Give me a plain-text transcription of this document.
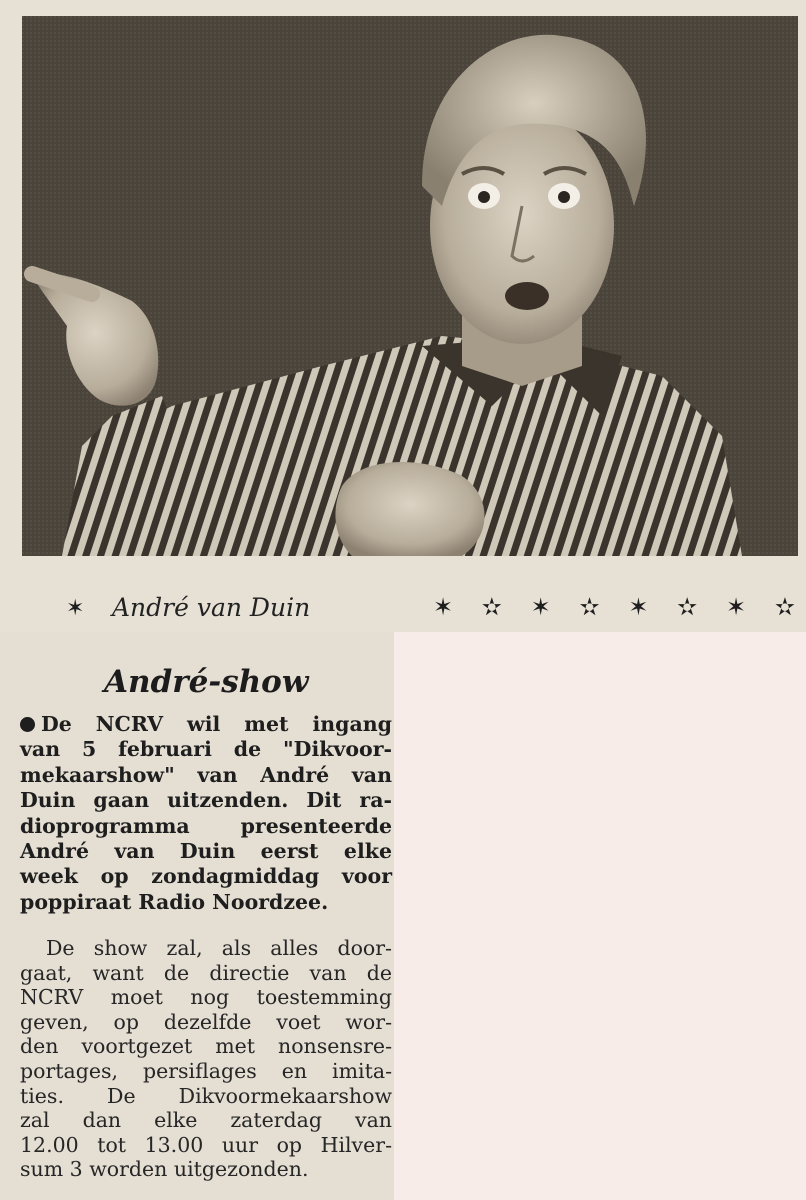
✶ André van Duin	✶ ✫ ✶ ✫ ✶ ✫ ✶ ✫
André-show
De NCRV wil met ingang
van 5 februari de "Dikvoor-
mekaarshow" van André van
Duin gaan uitzenden. Dit ra-
dioprogramma presenteerde
André van Duin eerst elke
week op zondagmiddag voor
poppiraat Radio Noordzee.
De show zal, als alles door-
gaat, want de directie van de
NCRV moet nog toestemming
geven, op dezelfde voet wor-
den voortgezet met nonsensre-
portages, persiflages en imita-
ties. De Dikvoormekaarshow
zal dan elke zaterdag van
12.00 tot 13.00 uur op Hilver-
sum 3 worden uitgezonden.
